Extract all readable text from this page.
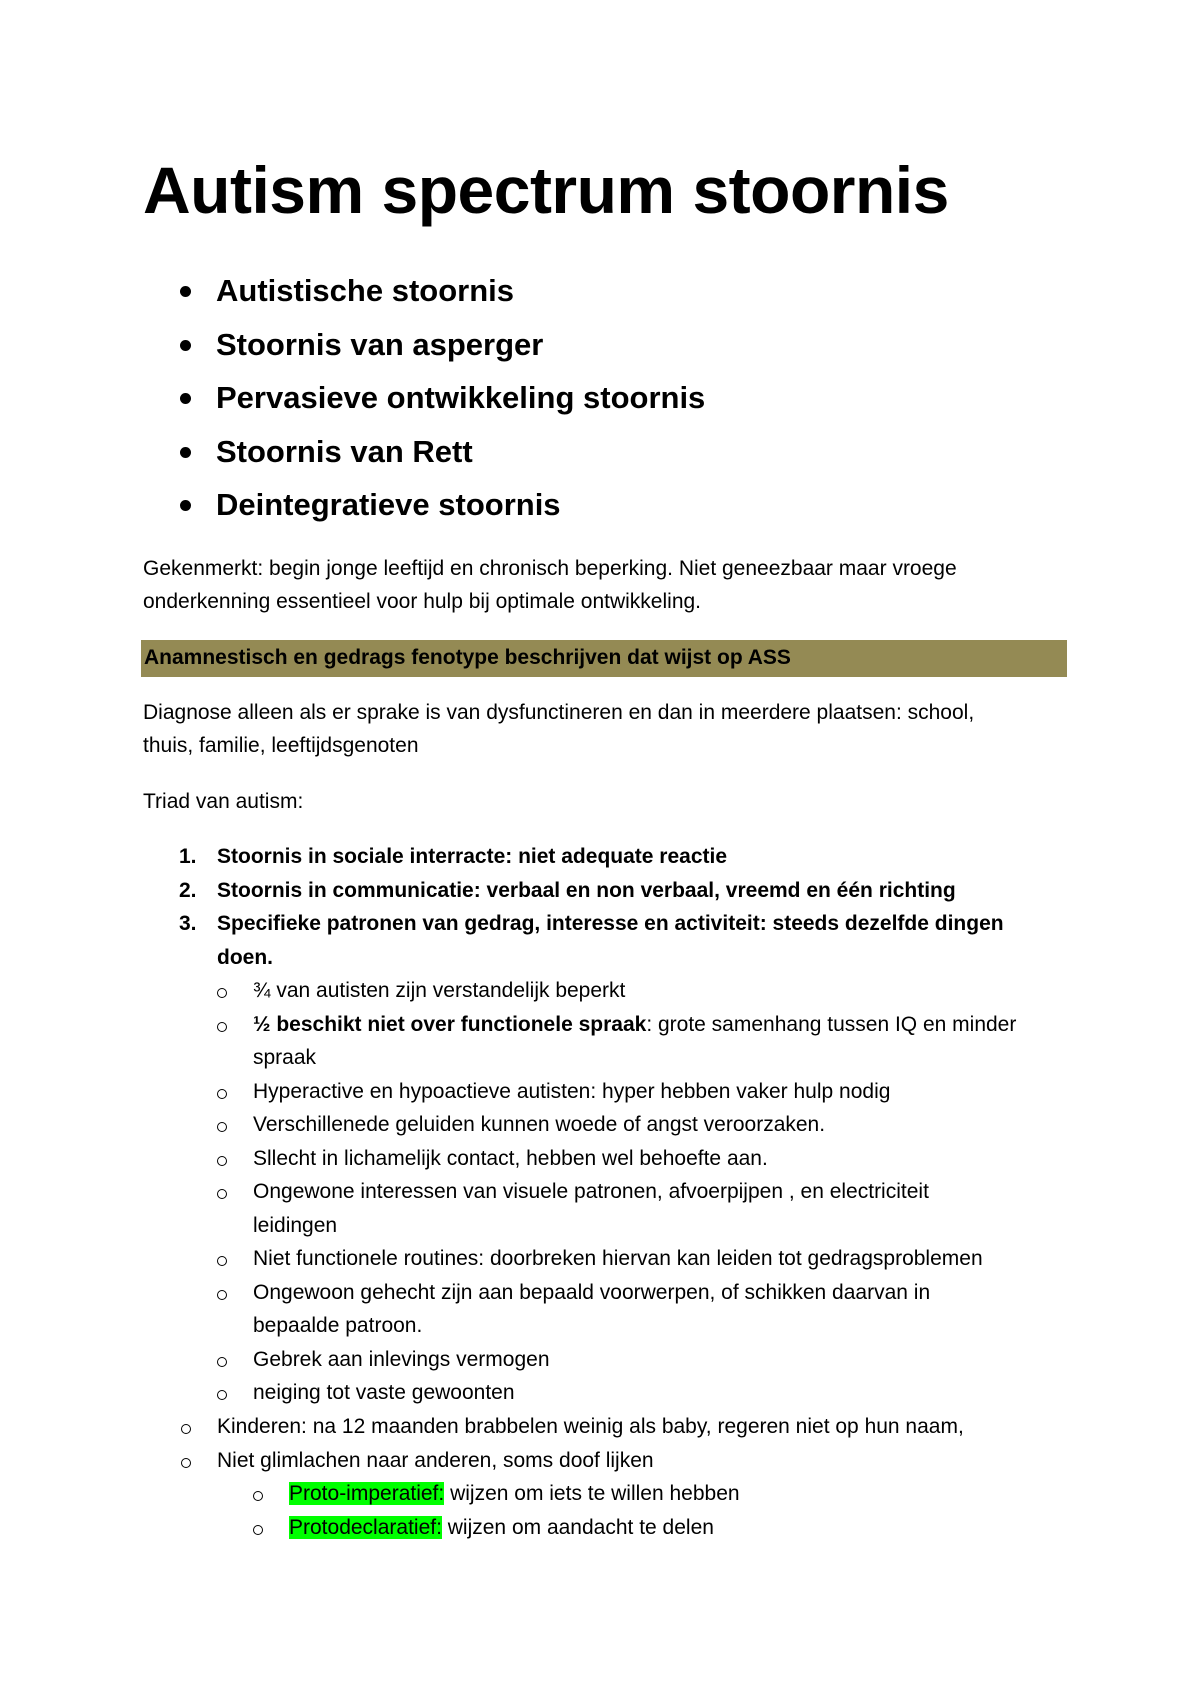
Autism spectrum stoornis
Autistische stoornis
Stoornis van asperger
Pervasieve ontwikkeling stoornis
Stoornis van Rett
Deintegratieve stoornis

Gekenmerkt: begin jonge leeftijd en chronisch beperking. Niet geneezbaar maar vroege
onderkenning essentieel voor hulp bij optimale ontwikkeling.

Anamnestisch en gedrags fenotype beschrijven dat wijst op ASS

Diagnose alleen als er sprake is van dysfunctineren en dan in meerdere plaatsen: school,
thuis, familie, leeftijdsgenoten

Triad van autism:

1. Stoornis in sociale interracte: niet adequate reactie
2. Stoornis in communicatie: verbaal en non verbaal, vreemd en één richting
3. Specifieke patronen van gedrag, interesse en activiteit: steeds dezelfde dingen
doen.
¾ van autisten zijn verstandelijk beperkt
½ beschikt niet over functionele spraak: grote samenhang tussen IQ en minder
spraak
Hyperactive en hypoactieve autisten: hyper hebben vaker hulp nodig
Verschillenede geluiden kunnen woede of angst veroorzaken.
Sllecht in lichamelijk contact, hebben wel behoefte aan.
Ongewone interessen van visuele patronen, afvoerpijpen , en electriciteit
leidingen
Niet functionele routines: doorbreken hiervan kan leiden tot gedragsproblemen
Ongewoon gehecht zijn aan bepaald voorwerpen, of schikken daarvan in
bepaalde patroon.
Gebrek aan inlevings vermogen
neiging tot vaste gewoonten
Kinderen: na 12 maanden brabbelen weinig als baby, regeren niet op hun naam,
Niet glimlachen naar anderen, soms doof lijken
Proto-imperatief: wijzen om iets te willen hebben
Protodeclaratief: wijzen om aandacht te delen
